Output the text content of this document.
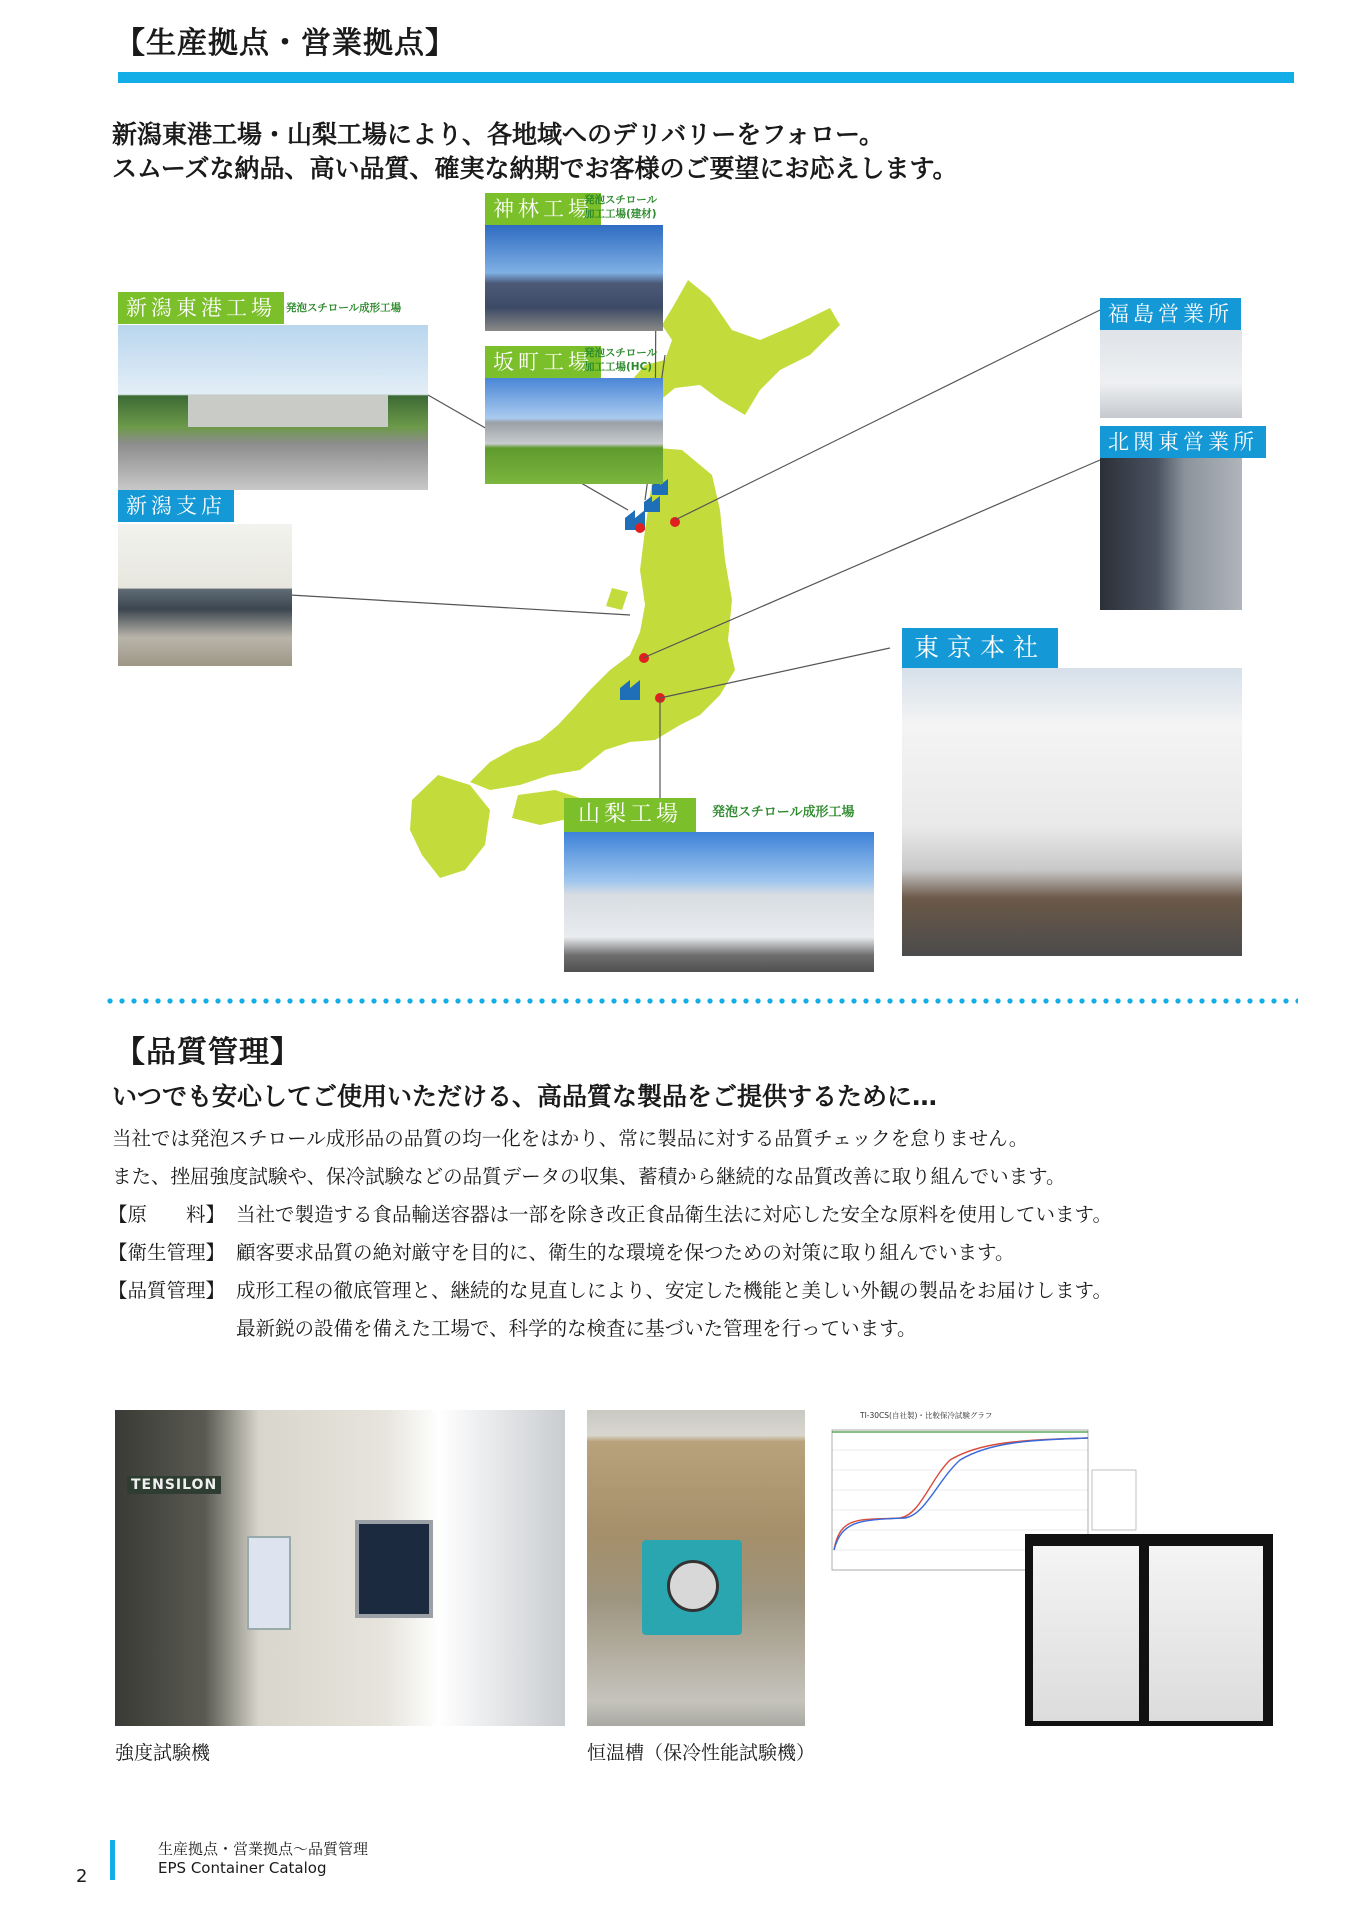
【生産拠点・営業拠点】
新潟東港工場・山梨工場により、各地域へのデリバリーをフォロー。
スムーズな納品、高い品質、確実な納期でお客様のご要望にお応えします。
新潟東港工場 発泡スチロール成形工場
新潟支店
神林工場
発泡スチロール
加工工場(建材)
坂町工場
発泡スチロール
加工工場(HC)
福島営業所
北関東営業所
東京本社
山梨工場	発泡スチロール成形工場
【品質管理】
いつでも安心してご使用いただける、高品質な製品をご提供するために…
当社では発泡スチロール成形品の品質の均一化をはかり、常に製品に対する品質チェックを怠りません。
また、挫屈強度試験や、保冷試験などの品質データの収集、蓄積から継続的な品質改善に取り組んでいます。
【原　　料】 当社で製造する食品輸送容器は一部を除き改正食品衛生法に対応した安全な原料を使用しています。
【衛生管理】 顧客要求品質の絶対厳守を目的に、衛生的な環境を保つための対策に取り組んでいます。
【品質管理】 成形工程の徹底管理と、継続的な見直しにより、安定した機能と美しい外観の製品をお届けします。
最新鋭の設備を備えた工場で、科学的な検査に基づいた管理を行っています。
TENSILON
TI-30CS(自社製)・比較保冷試験グラフ
強度試験機	恒温槽（保冷性能試験機）
2
生産拠点・営業拠点～品質管理
EPS Container Catalog
